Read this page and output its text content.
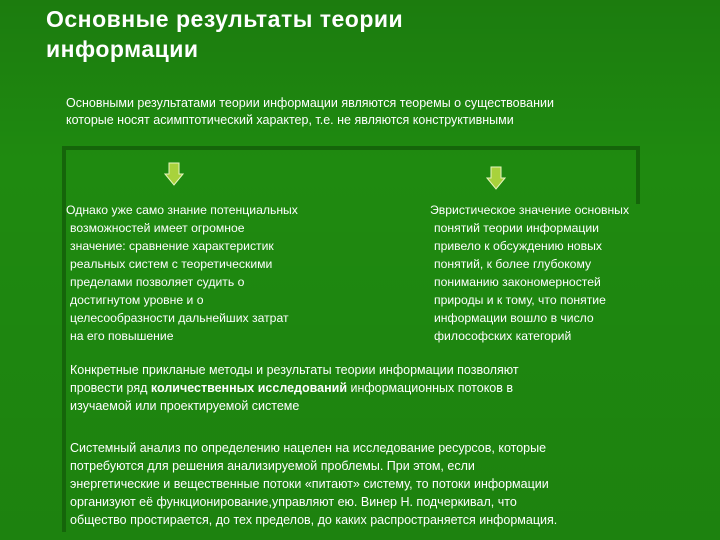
Основные результаты теории
информации
Основными результатами теории информации являются теоремы о существовании
которые носят асимптотический характер, т.е. не являются конструктивными
Однако уже само знание потенциальных
возможностей имеет огромное
значение: сравнение характеристик
реальных систем с теоретическими
пределами позволяет судить о
достигнутом уровне и о
целесообразности дальнейших затрат
на его повышение
Эвристическое значение основных
понятий теории информации
привело к обсуждению новых
понятий, к более глубокому
пониманию закономерностей
природы и к тому, что понятие
информации вошло в число
философских категорий
Конкретные прикланые методы и результаты теории информации позволяют
провести ряд количественных исследований информационных потоков в
изучаемой или проектируемой системе
Системный анализ по определению нацелен на исследование ресурсов, которые
потребуются для решения анализируемой проблемы. При этом, если
энергетические и вещественные потоки «питают» систему, то потоки информации
организуют её функционирование,управляют ею. Винер Н. подчеркивал, что
общество простирается, до тех пределов, до каких распространяется информация.
